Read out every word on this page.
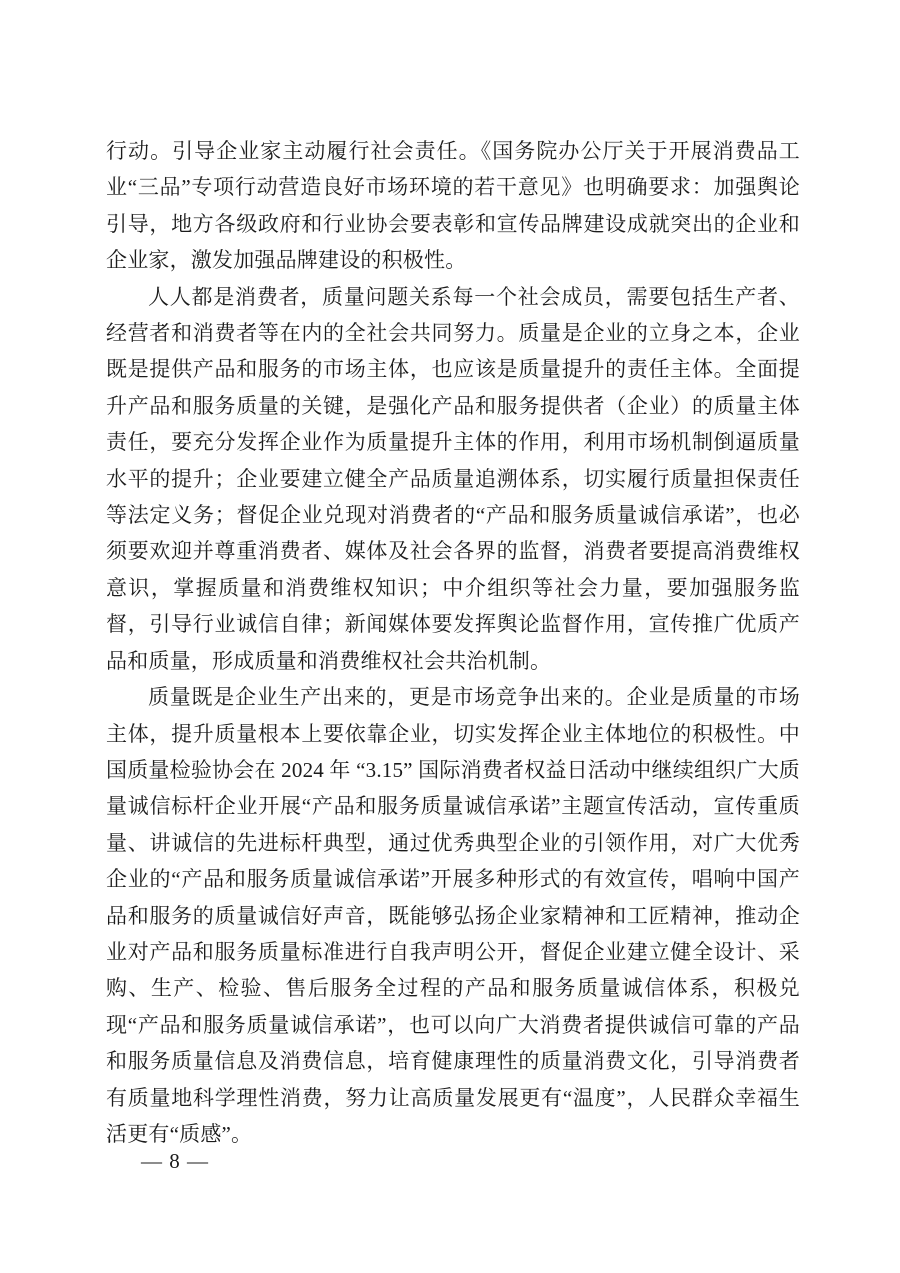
行动。引导企业家主动履行社会责任。《国务院办公厅关于开展消费品工业“三品”专项行动营造良好市场环境的若干意见》也明确要求：加强舆论引导，地方各级政府和行业协会要表彰和宣传品牌建设成就突出的企业和企业家，激发加强品牌建设的积极性。

人人都是消费者，质量问题关系每一个社会成员，需要包括生产者、经营者和消费者等在内的全社会共同努力。质量是企业的立身之本，企业既是提供产品和服务的市场主体，也应该是质量提升的责任主体。全面提升产品和服务质量的关键，是强化产品和服务提供者（企业）的质量主体责任，要充分发挥企业作为质量提升主体的作用，利用市场机制倒逼质量水平的提升；企业要建立健全产品质量追溯体系，切实履行质量担保责任等法定义务；督促企业兑现对消费者的“产品和服务质量诚信承诺”，也必须要欢迎并尊重消费者、媒体及社会各界的监督，消费者要提高消费维权意识，掌握质量和消费维权知识；中介组织等社会力量，要加强服务监督，引导行业诚信自律；新闻媒体要发挥舆论监督作用，宣传推广优质产品和质量，形成质量和消费维权社会共治机制。

质量既是企业生产出来的，更是市场竞争出来的。企业是质量的市场主体，提升质量根本上要依靠企业，切实发挥企业主体地位的积极性。中国质量检验协会在 2024 年 “3.15” 国际消费者权益日活动中继续组织广大质量诚信标杆企业开展“产品和服务质量诚信承诺”主题宣传活动，宣传重质量、讲诚信的先进标杆典型，通过优秀典型企业的引领作用，对广大优秀企业的“产品和服务质量诚信承诺”开展多种形式的有效宣传，唱响中国产品和服务的质量诚信好声音，既能够弘扬企业家精神和工匠精神，推动企业对产品和服务质量标准进行自我声明公开，督促企业建立健全设计、采购、生产、检验、售后服务全过程的产品和服务质量诚信体系，积极兑现“产品和服务质量诚信承诺”，也可以向广大消费者提供诚信可靠的产品和服务质量信息及消费信息，培育健康理性的质量消费文化，引导消费者有质量地科学理性消费，努力让高质量发展更有“温度”，人民群众幸福生活更有“质感”。

— 8 —
